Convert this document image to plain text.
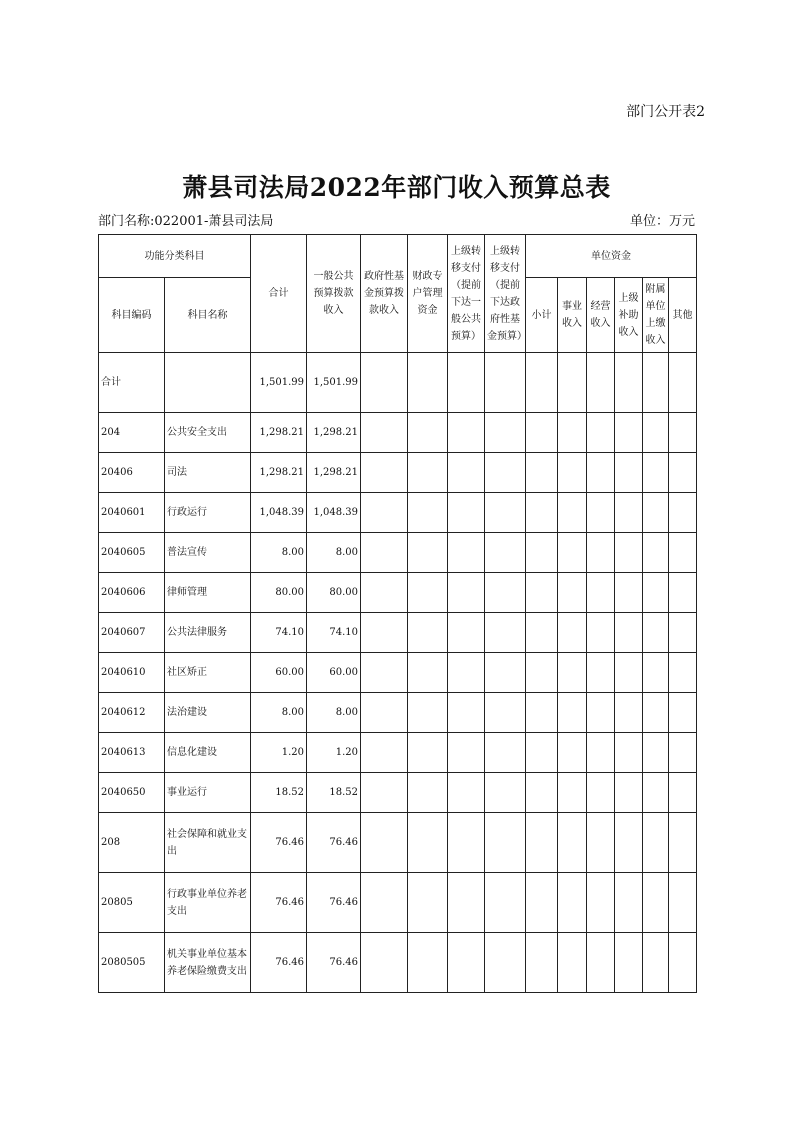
部门公开表2
萧县司法局2022年部门收入预算总表
部门名称:022001-萧县司法局	单位：万元
功能分类科目		合计	一般公共预算拨款收入	政府性基金预算拨款收入	财政专户管理资金	上级转移支付（提前下达一般公共预算）	上级转移支付（提前下达政府性基金预算）	单位资金					
科目编码	科目名称							小计	事业收入	经营收入	上级补助收入	附属单位上缴收入	其他
合计		1,501.99	1,501.99										
204	公共安全支出	1,298.21	1,298.21										
20406	司法	1,298.21	1,298.21										
2040601	行政运行	1,048.39	1,048.39										
2040605	普法宣传	8.00	8.00										
2040606	律师管理	80.00	80.00										
2040607	公共法律服务	74.10	74.10										
2040610	社区矫正	60.00	60.00										
2040612	法治建设	8.00	8.00										
2040613	信息化建设	1.20	1.20										
2040650	事业运行	18.52	18.52										
208	社会保障和就业支出	76.46	76.46										
20805	行政事业单位养老支出	76.46	76.46										
2080505	机关事业单位基本养老保险缴费支出	76.46	76.46										
